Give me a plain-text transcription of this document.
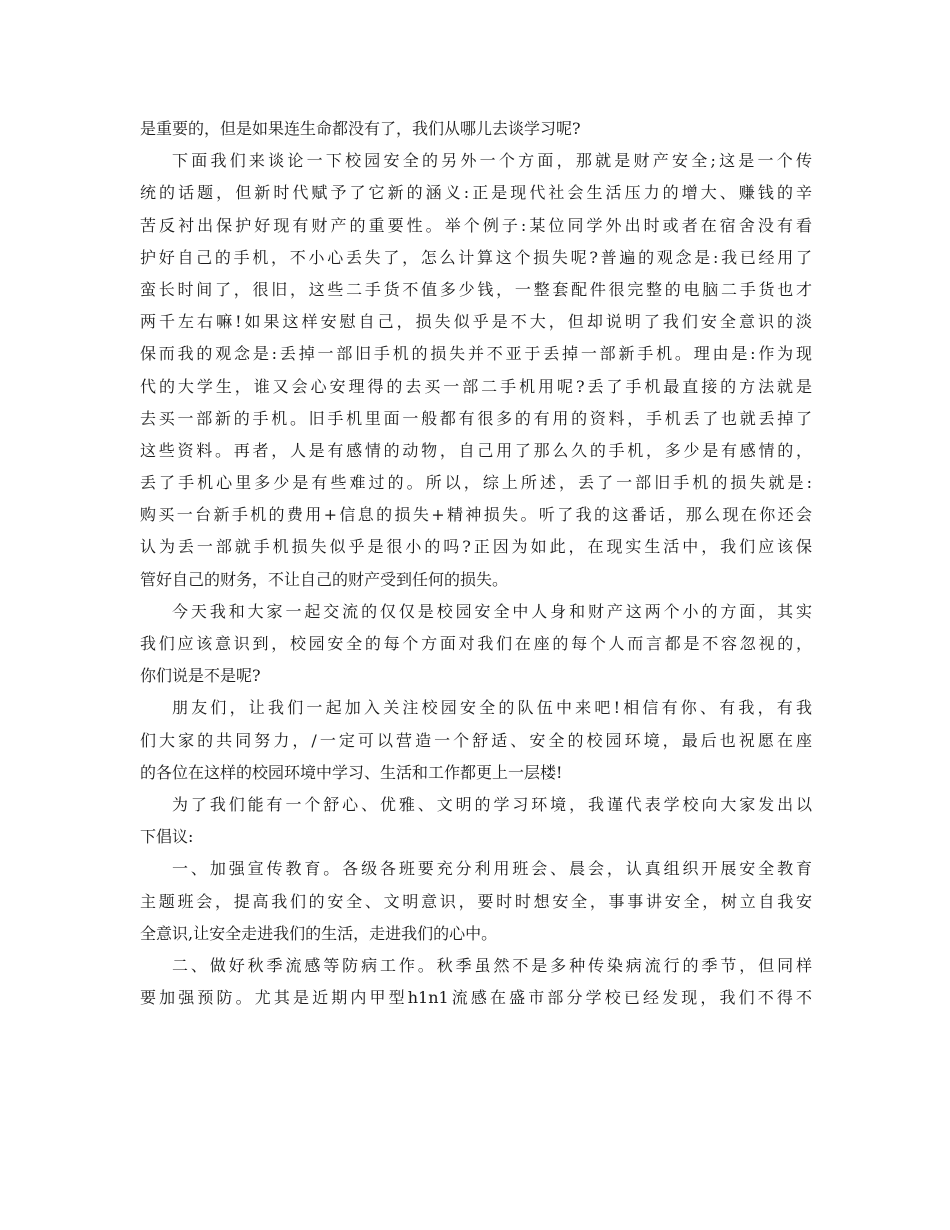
是重要的，但是如果连生命都没有了，我们从哪儿去谈学习呢?
下面我们来谈论一下校园安全的另外一个方面，那就是财产安全;这是一个传
统的话题，但新时代赋予了它新的涵义:正是现代社会生活压力的增大、赚钱的辛
苦反衬出保护好现有财产的重要性。举个例子:某位同学外出时或者在宿舍没有看
护好自己的手机，不小心丢失了，怎么计算这个损失呢?普遍的观念是:我已经用了
蛮长时间了，很旧，这些二手货不值多少钱，一整套配件很完整的电脑二手货也才
两千左右嘛!如果这样安慰自己，损失似乎是不大，但却说明了我们安全意识的淡
保而我的观念是:丢掉一部旧手机的损失并不亚于丢掉一部新手机。理由是:作为现
代的大学生，谁又会心安理得的去买一部二手机用呢?丢了手机最直接的方法就是
去买一部新的手机。旧手机里面一般都有很多的有用的资料，手机丢了也就丢掉了
这些资料。再者，人是有感情的动物，自己用了那么久的手机，多少是有感情的，
丢了手机心里多少是有些难过的。所以，综上所述，丢了一部旧手机的损失就是:
购买一台新手机的费用+信息的损失+精神损失。听了我的这番话，那么现在你还会
认为丢一部就手机损失似乎是很小的吗?正因为如此，在现实生活中，我们应该保
管好自己的财务，不让自己的财产受到任何的损失。
今天我和大家一起交流的仅仅是校园安全中人身和财产这两个小的方面，其实
我们应该意识到，校园安全的每个方面对我们在座的每个人而言都是不容忽视的，
你们说是不是呢?
朋友们，让我们一起加入关注校园安全的队伍中来吧!相信有你、有我，有我
们大家的共同努力，/一定可以营造一个舒适、安全的校园环境，最后也祝愿在座
的各位在这样的校园环境中学习、生活和工作都更上一层楼!
为了我们能有一个舒心、优雅、文明的学习环境，我谨代表学校向大家发出以
下倡议:
一、加强宣传教育。各级各班要充分利用班会、晨会，认真组织开展安全教育
主题班会，提高我们的安全、文明意识，要时时想安全，事事讲安全，树立自我安
全意识,让安全走进我们的生活，走进我们的心中。
二、做好秋季流感等防病工作。秋季虽然不是多种传染病流行的季节，但同样
要加强预防。尤其是近期内甲型h1n1流感在盛市部分学校已经发现，我们不得不
